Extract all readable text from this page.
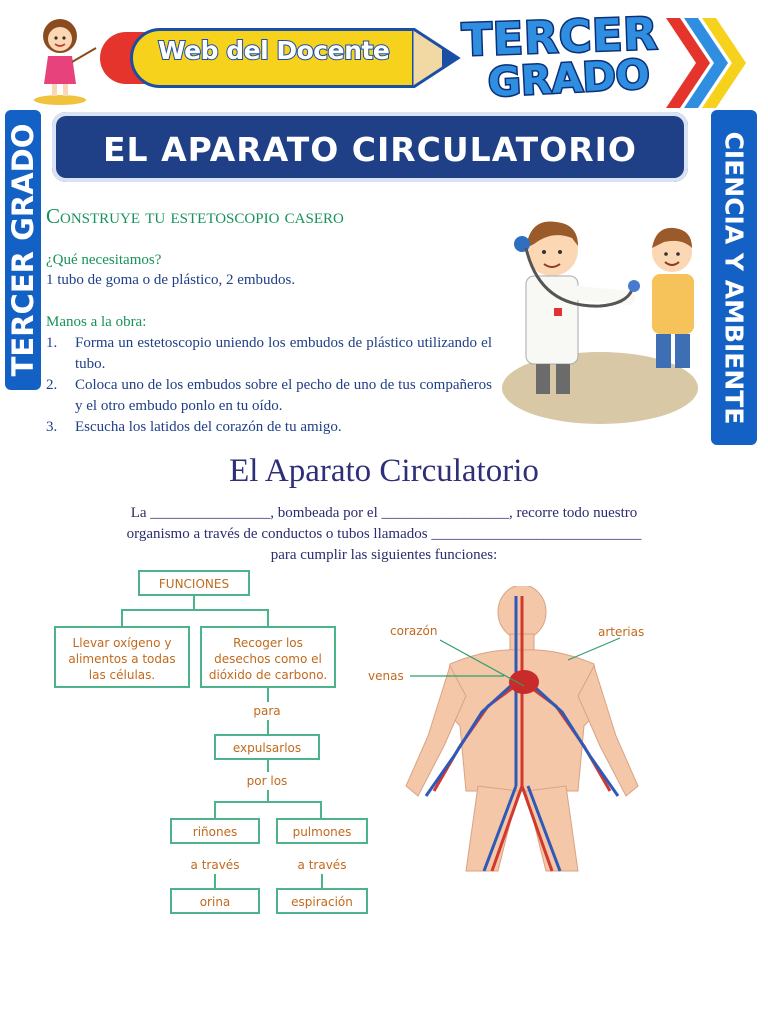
Web del Docente TERCER
GRADO
TERCER GRADO	CIENCIA Y AMBIENTE
EL APARATO CIRCULATORIO
Construye tu estetoscopio casero
¿Qué necesitamos?
1 tubo de goma o de plástico, 2 embudos.
Manos a la obra:
1. Forma un estetoscopio uniendo los embudos de plástico utilizando el tubo.
2. Coloca uno de los embudos sobre el pecho de uno de tus compañeros y el otro embudo ponlo en tu oído.
3. Escucha los latidos del corazón de tu amigo.
El Aparato Circulatorio
La ________________, bombeada por el _________________, recorre todo nuestro
organismo a través de conductos o tubos llamados ____________________________
para cumplir las siguientes funciones:
FUNCIONES
Llevar oxígeno y alimentos a todas las células.
Recoger los desechos como el dióxido de carbono.
para
expulsarlos
por los
riñones	pulmones
a través	a través
orina	espiración
corazón	arterias
venas
